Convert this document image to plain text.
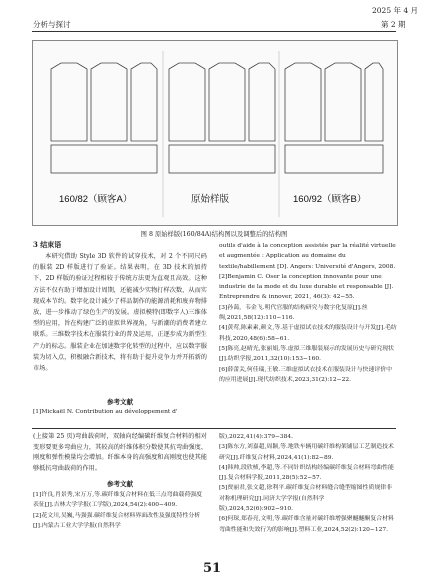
2025 年 4 月
分析与探讨	第 2 期
160/82（顾客A）	原始样版	160/92（顾客B）
图 8 原始样版(160/84A)结构图以及调整后的结构图
3 结束语
本研究借助 Style 3D 软件的试穿技术，对 2 个不同尺码的服装 2D 样版进行了验证。结果表明，在 3D 技术的加持下，2D 样版的验证过程相较于传统方法更为直观且高效。这种方法不仅有助于增加设计周期，还能减少实物打样次数，从而实现成本节约。数字化设计减少了样品制作的能源消耗和废弃物排放，进一步推动了绿色生产的发展。虚拟模特(即数字人)三维体型的应用，旨在构建广泛的虚拟世界视角，与新潮的消费者建立联系。三维数字技术在服装行业的普及运用，正逐步成为新型生产力的标志。服装企业在加速数字化转型的过程中，应以数字服装为切入点，积极融合新技术，将有助于提升竞争力并开拓新的市场。
参考文献
[1]Mickaël N. Contribution au développement d'
outils d'aide à la conception assistée par la réalité virtuelle et augmentée : Application au domaine du textile/habillement [D]. Angers: Université d'Angers, 2008.
[2]Benjamin C. Oser la conception innovante pour une industrie de la mode et du luxe durable et responsable [J]. Entreprendre & innover, 2021, 46(3): 42−55.
[3]孙蔼，韦金飞.明代官服的结构研究与数字化复原[J].丝绸,2021,58(12):110−116.
[4]黄莺,陈素素,颜文,等.基于虚拟试衣技术的服装设计与开发[J].毛纺科技,2020,48(6):58−61.
[5]陈亮,赵晴光,张丽娟,等.虚拟三维服装展示的发展历史与研究现状[J].纺织学报,2011,32(10):153−160.
[6]薛蕾关,何佳瑞,王敏.三维虚拟试衣技术在服装设计与快速评价中的应用进展[J].现代纺织技术,2023,31(2):12−22.
(上接第 25 页)弯曲载荷时，双轴向经编碳纤维复合材料的相对变形要更多弯曲应力，其较高的纤维体积分数使其抗弯曲强度、刚度和弹性模量均会增加。纤维本身的高强度和高刚度也使其能够抵抗弯曲载荷的作用。
参考文献
[1]许良,肖景秀,宋万万,等.碳纤维复合材料在低三点弯曲载荷强度表征[J].吉林大学学报(工学版),2024,54(2):400−409.
[2]花文川,吴巍,马强强.碳纤维复合材料界面改性及强度特性分析[J].内蒙古工业大学学报(自然科学
版),2022,41(4):379−384.
[3]陈东方,刘嘉超,周颖,等.地铁车辆用碳纤维构架铺层工艺制造技术研究[J].纤维复合材料,2024,41(1):82−89.
[4]韩帅,段欣桢,李超,等.不同针织结构经编碳纤维复合材料弯曲性能[J].复合材料学报,2011,28(5):52−57.
[5]贾丽君,张文超,徐利平.碳纤维复合材料缝合缝型缩图性质规律非对称机理研究[J].同济大学学报(自然科学版),2024,52(6):902−910.
[6]何琛,郑春亮,文明,等.碳纤维含量对碳纤维增强聚醚醚酮复合材料弯曲性能和失效行为的影响[J].塑料工业,2024,52(2):120−127.
51
